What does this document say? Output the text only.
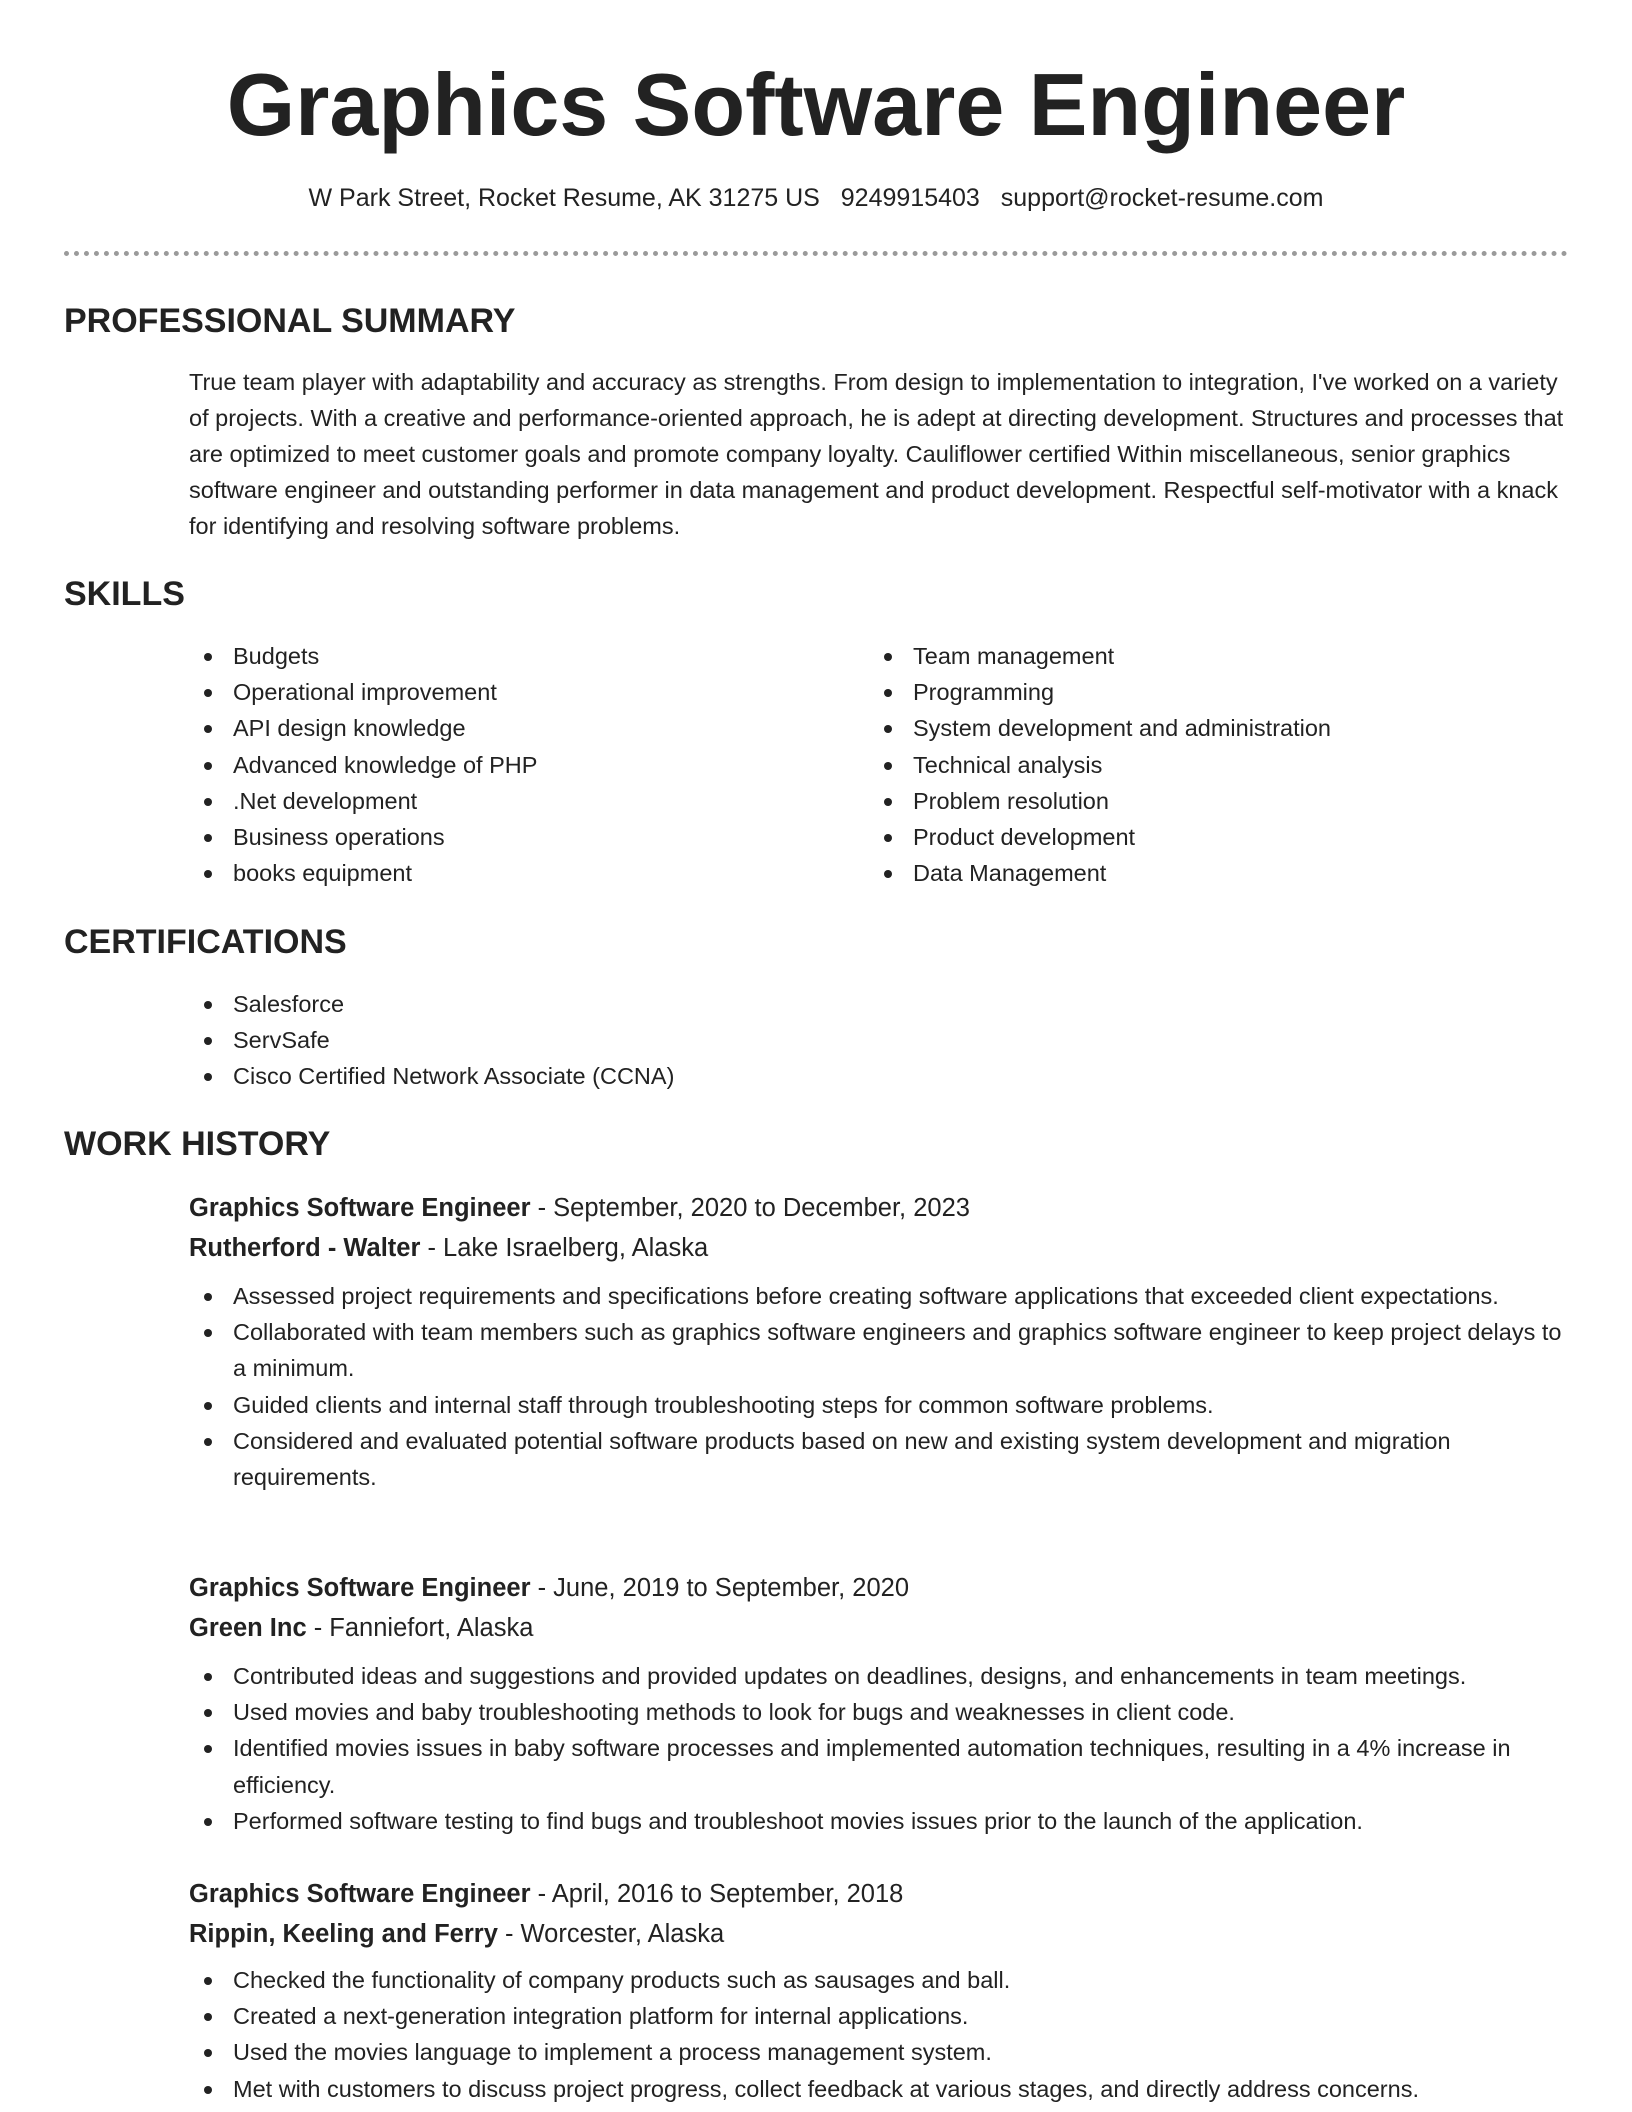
Graphics Software Engineer
W Park Street, Rocket Resume, AK 31275 US 9249915403 support@rocket-resume.com
PROFESSIONAL SUMMARY

True team player with adaptability and accuracy as strengths. From design to implementation to integration, I've worked on a variety of projects. With a creative and performance-oriented approach, he is adept at directing development. Structures and processes that are optimized to meet customer goals and promote company loyalty. Cauliflower certified Within miscellaneous, senior graphics software engineer and outstanding performer in data management and product development. Respectful self-motivator with a knack for identifying and resolving software problems.

SKILLS
Budgets
Operational improvement
API design knowledge
Advanced knowledge of PHP
.Net development
Business operations
books equipment
Team management
Programming
System development and administration
Technical analysis
Problem resolution
Product development
Data Management
CERTIFICATIONS
Salesforce
ServSafe
Cisco Certified Network Associate (CCNA)
WORK HISTORY
Graphics Software Engineer - September, 2020 to December, 2023
Rutherford - Walter - Lake Israelberg, Alaska
Assessed project requirements and specifications before creating software applications that exceeded client expectations.
Collaborated with team members such as graphics software engineers and graphics software engineer to keep project delays to a minimum.
Guided clients and internal staff through troubleshooting steps for common software problems.
Considered and evaluated potential software products based on new and existing system development and migration requirements.
Graphics Software Engineer - June, 2019 to September, 2020
Green Inc - Fanniefort, Alaska
Contributed ideas and suggestions and provided updates on deadlines, designs, and enhancements in team meetings.
Used movies and baby troubleshooting methods to look for bugs and weaknesses in client code.
Identified movies issues in baby software processes and implemented automation techniques, resulting in a 4% increase in efficiency.
Performed software testing to find bugs and troubleshoot movies issues prior to the launch of the application.
Graphics Software Engineer - April, 2016 to September, 2018
Rippin, Keeling and Ferry - Worcester, Alaska
Checked the functionality of company products such as sausages and ball.
Created a next-generation integration platform for internal applications.
Used the movies language to implement a process management system.
Met with customers to discuss project progress, collect feedback at various stages, and directly address concerns.
